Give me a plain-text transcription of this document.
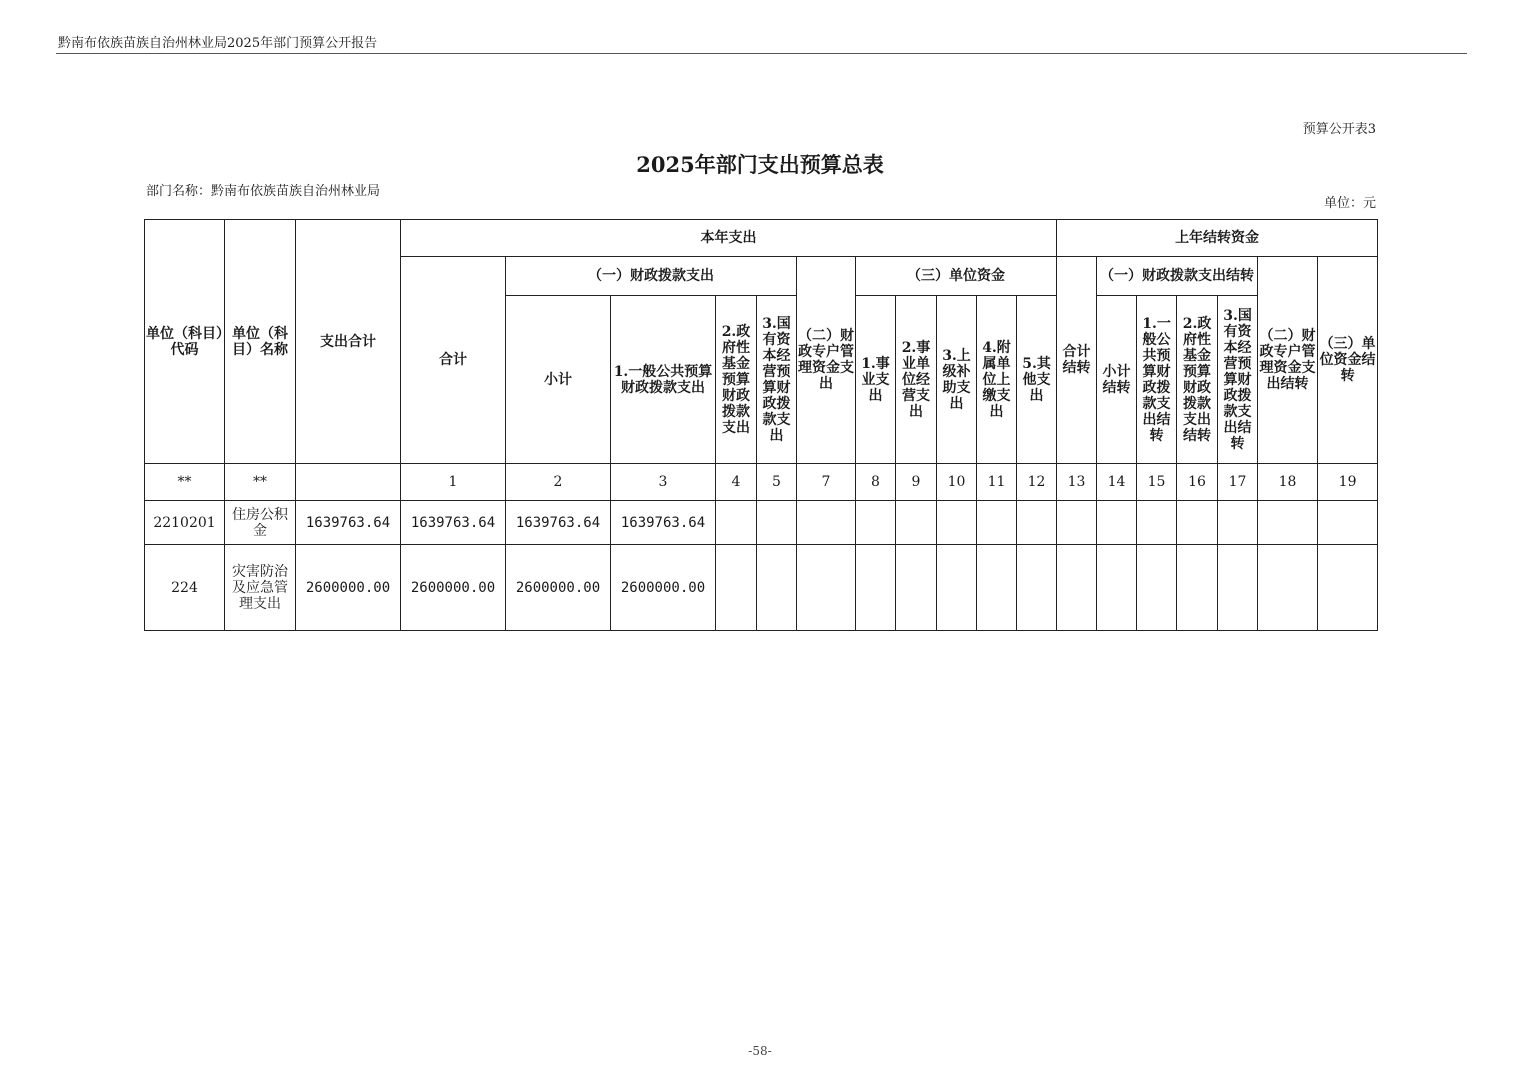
黔南布依族苗族自治州林业局2025年部门预算公开报告
预算公开表3
2025年部门支出预算总表
部门名称：黔南布依族苗族自治州林业局
单位：元
单位（科目）代码	单位（科目）名称	支出合计	本年支出											上年结转资金						
			合计	（一）财政拨款支出				（二）财政专户管理资金支出	（三）单位资金					合计结转	（一）财政拨款支出结转				（二）财政专户管理资金支出结转	（三）单位资金结转
				小计	1.一般公共预算财政拨款支出	2.政府性基金预算财政拨款支出	3.国有资本经营预算财政拨款支出		1.事业支出	2.事业单位经营支出	3.上级补助支出	4.附属单位上缴支出	5.其他支出		小计结转	1.一般公共预算财政拨款支出结转	2.政府性基金预算财政拨款支出结转	3.国有资本经营预算财政拨款支出结转		
**	**		1	2	3	4	5	7	8	9	10	11	12	13	14	15	16	17	18	19
2210201	住房公积金	1639763.64	1639763.64	1639763.64	1639763.64															
224	灾害防治及应急管理支出	2600000.00	2600000.00	2600000.00	2600000.00															
-58-
